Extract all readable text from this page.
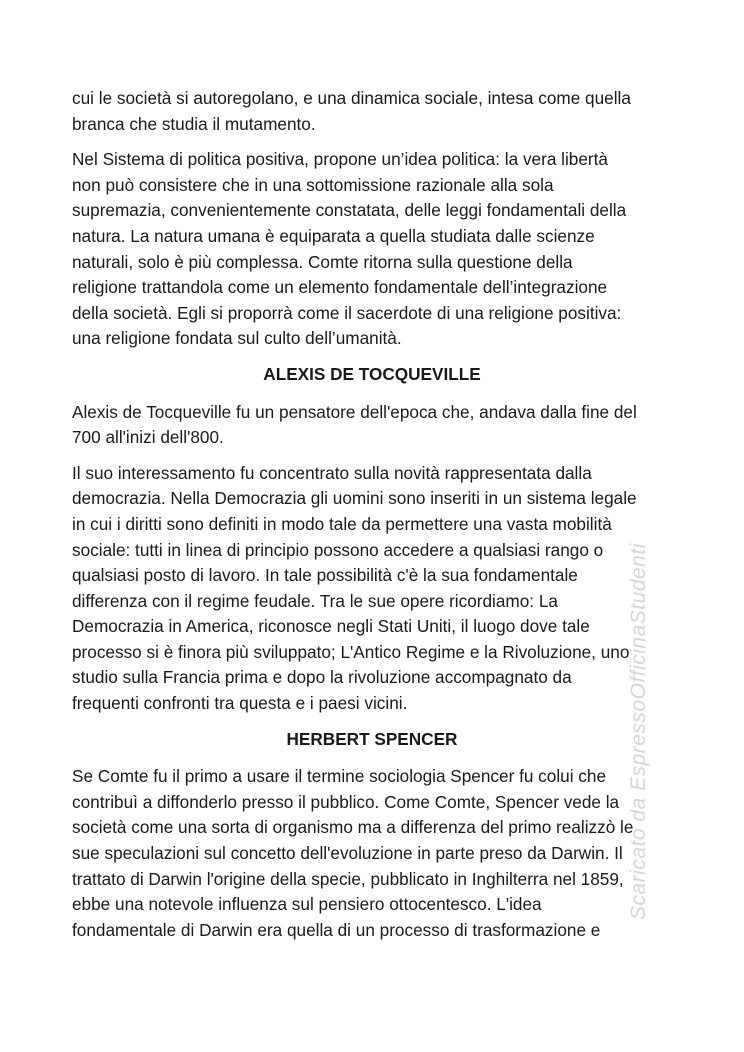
cui le società si autoregolano, e una dinamica sociale, intesa come quella
branca che studia il mutamento.

Nel Sistema di politica positiva, propone un’idea politica: la vera libertà
non può consistere che in una sottomissione razionale alla sola
supremazia, convenientemente constatata, delle leggi fondamentali della
natura. La natura umana è equiparata a quella studiata dalle scienze
naturali, solo è più complessa. Comte ritorna sulla questione della
religione trattandola come un elemento fondamentale dell’integrazione
della società. Egli si proporrà come il sacerdote di una religione positiva:
una religione fondata sul culto dell’umanità.

ALEXIS DE TOCQUEVILLE

Alexis de Tocqueville fu un pensatore dell'epoca che, andava dalla fine del
700 all'inizi dell'800.

Il suo interessamento fu concentrato sulla novità rappresentata dalla
democrazia. Nella Democrazia gli uomini sono inseriti in un sistema legale
in cui i diritti sono definiti in modo tale da permettere una vasta mobilità
sociale: tutti in linea di principio possono accedere a qualsiasi rango o
qualsiasi posto di lavoro. In tale possibilità c'è la sua fondamentale
differenza con il regime feudale. Tra le sue opere ricordiamo: La
Democrazia in America, riconosce negli Stati Uniti, il luogo dove tale
processo si è finora più sviluppato; L'Antico Regime e la Rivoluzione, uno
studio sulla Francia prima e dopo la rivoluzione accompagnato da
frequenti confronti tra questa e i paesi vicini.

HERBERT SPENCER

Se Comte fu il primo a usare il termine sociologia Spencer fu colui che
contribuì a diffonderlo presso il pubblico. Come Comte, Spencer vede la
società come una sorta di organismo ma a differenza del primo realizzò le
sue speculazioni sul concetto dell'evoluzione in parte preso da Darwin. Il
trattato di Darwin l'origine della specie, pubblicato in Inghilterra nel 1859,
ebbe una notevole influenza sul pensiero ottocentesco. L'idea
fondamentale di Darwin era quella di un processo di trasformazione e

Scaricato da EspressoOfficinaStudenti
